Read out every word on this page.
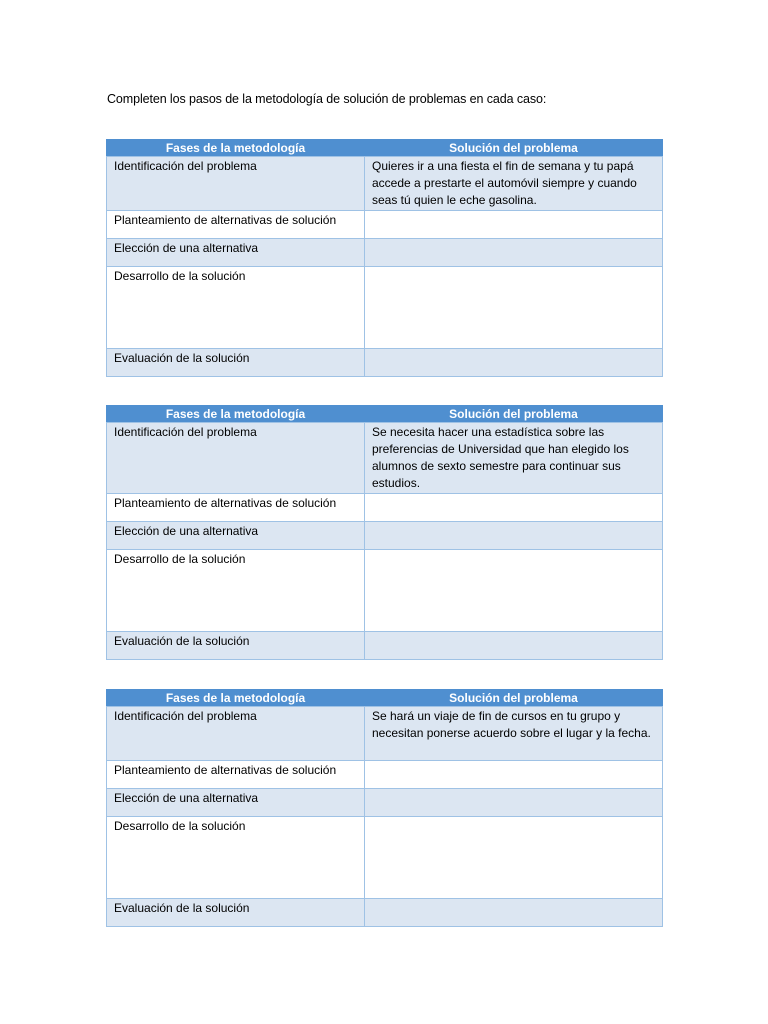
Completen los pasos de la metodología de solución de problemas en cada caso:
Fases de la metodología	Solución del problema
Identificación del problema	Quieres ir a una fiesta el fin de semana y tu papá accede a prestarte el automóvil siempre y cuando seas tú quien le eche gasolina.
Planteamiento de alternativas de solución	
Elección de una alternativa	
Desarrollo de la solución	
Evaluación de la solución	
Fases de la metodología	Solución del problema
Identificación del problema	Se necesita hacer una estadística sobre las preferencias de Universidad que han elegido los alumnos de sexto semestre para continuar sus estudios.
Planteamiento de alternativas de solución	
Elección de una alternativa	
Desarrollo de la solución	
Evaluación de la solución	
Fases de la metodología	Solución del problema
Identificación del problema	Se hará un viaje de fin de cursos en tu grupo y necesitan ponerse acuerdo sobre el lugar y la fecha.
Planteamiento de alternativas de solución	
Elección de una alternativa	
Desarrollo de la solución	
Evaluación de la solución	
